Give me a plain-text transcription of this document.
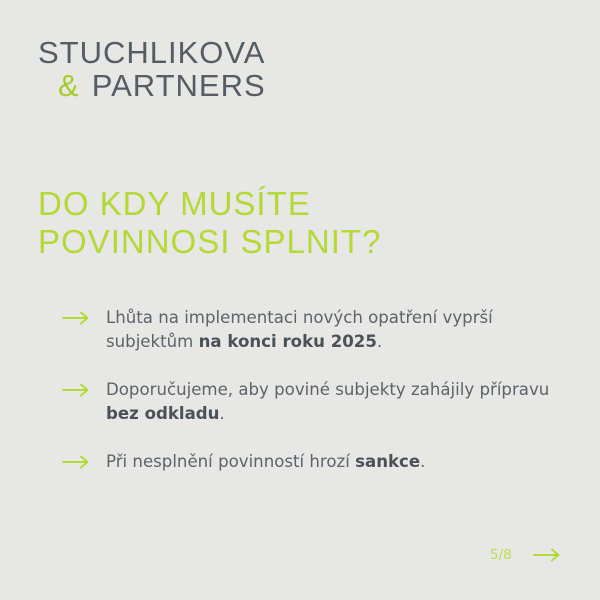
STUCHLIKOVA
& PARTNERS
DO KDY MUSÍTE
POVINNOSI SPLNIT?
Lhůta na implementaci nových opatření vyprší subjektům na konci roku 2025.
Doporučujeme, aby poviné subjekty zahájily přípravu bez odkladu.
Při nesplnění povinností hrozí sankce.
5/8
